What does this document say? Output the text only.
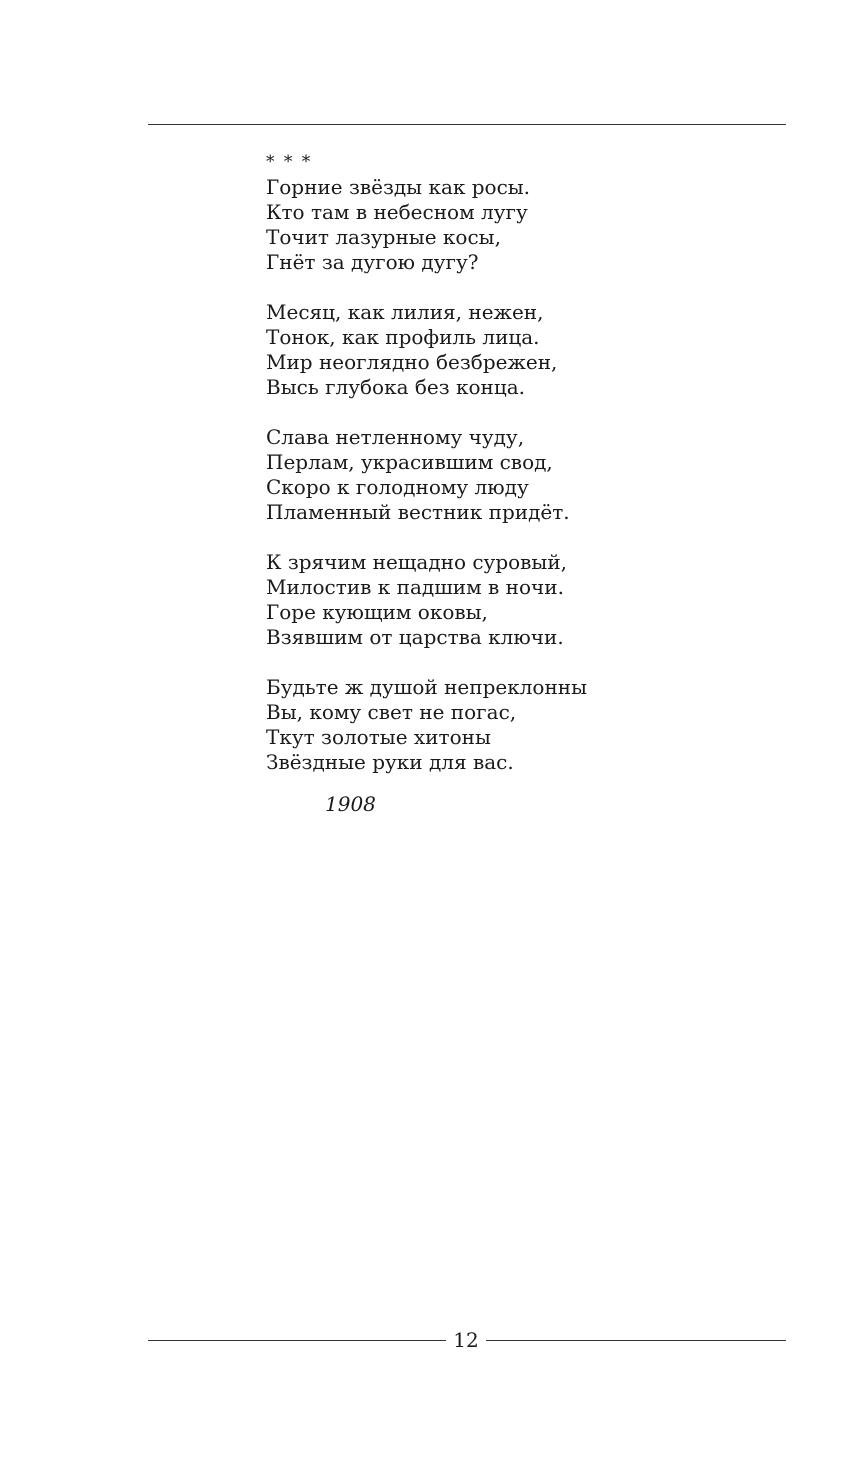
* * *
Горние звёзды как росы.
Кто там в небесном лугу
Точит лазурные косы,
Гнёт за дугою дугу?
Месяц, как лилия, нежен,
Тонок, как профиль лица.
Мир неоглядно безбрежен,
Высь глубока без конца.
Слава нетленному чуду,
Перлам, украсившим свод,
Скоро к голодному люду
Пламенный вестник придёт.
К зрячим нещадно суровый,
Милостив к падшим в ночи.
Горе кующим оковы,
Взявшим от царства ключи.
Будьте ж душой непреклонны
Вы, кому свет не погас,
Ткут золотые хитоны
Звёздные руки для вас.
1908
12
